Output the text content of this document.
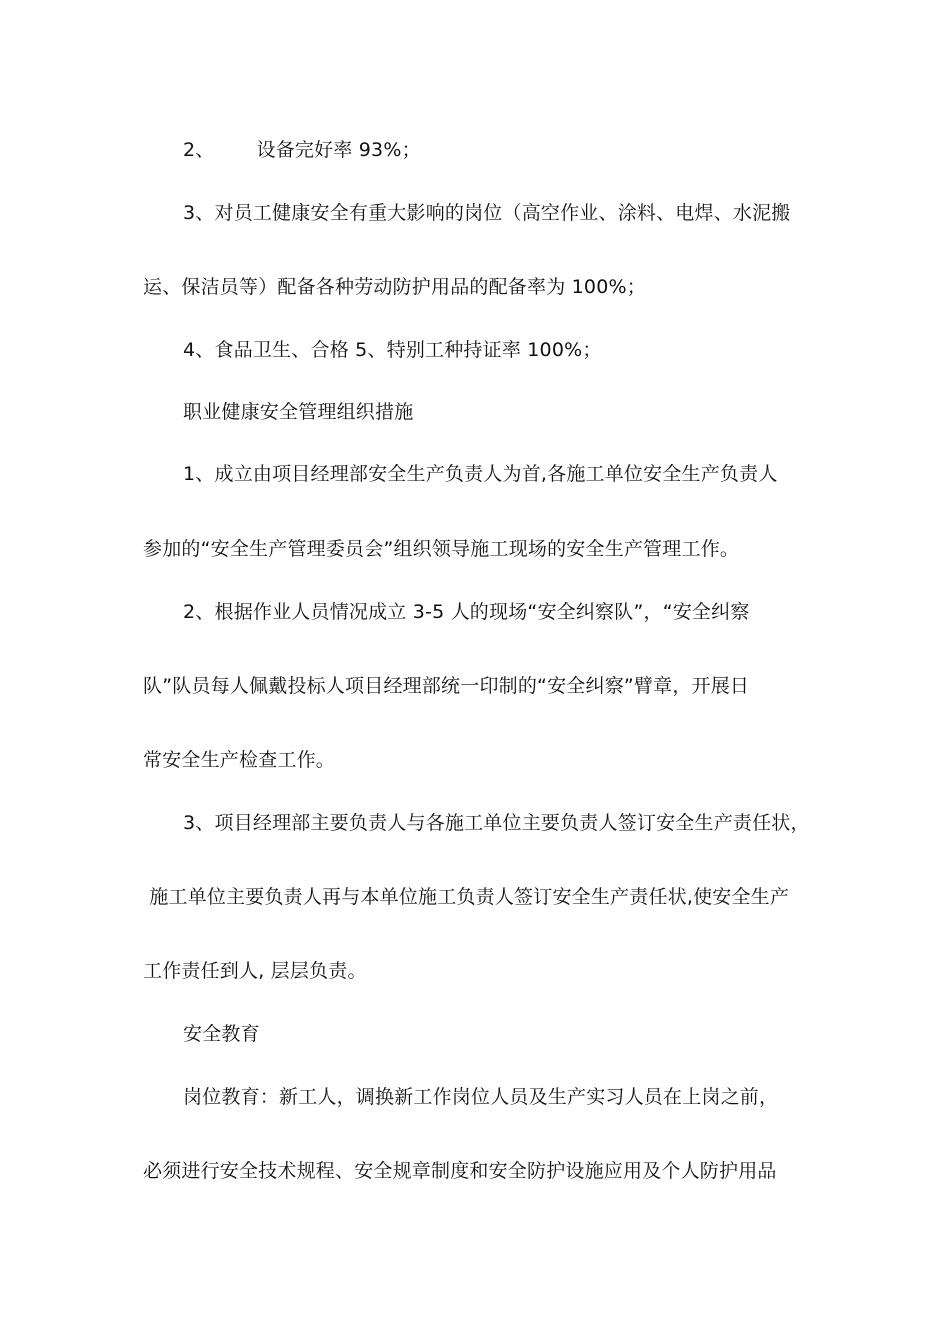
2、 设备完好率 93%；
3、对员工健康安全有重大影响的岗位（高空作业、涂料、电焊、水泥搬
运、保洁员等）配备各种劳动防护用品的配备率为 100%；
4、食品卫生、合格 5、特别工种持证率 100%；
职业健康安全管理组织措施
1、成立由项目经理部安全生产负责人为首,各施工单位安全生产负责人
参加的“安全生产管理委员会”组织领导施工现场的安全生产管理工作。
2、根据作业人员情况成立 3-5 人的现场“安全纠察队”，“安全纠察
队”队员每人佩戴投标人项目经理部统一印制的“安全纠察”臂章，开展日
常安全生产检查工作。
3、项目经理部主要负责人与各施工单位主要负责人签订安全生产责任状，
施工单位主要负责人再与本单位施工负责人签订安全生产责任状,使安全生产
工作责任到人, 层层负责。
安全教育
岗位教育：新工人，调换新工作岗位人员及生产实习人员在上岗之前，
必须进行安全技术规程、安全规章制度和安全防护设施应用及个人防护用品
